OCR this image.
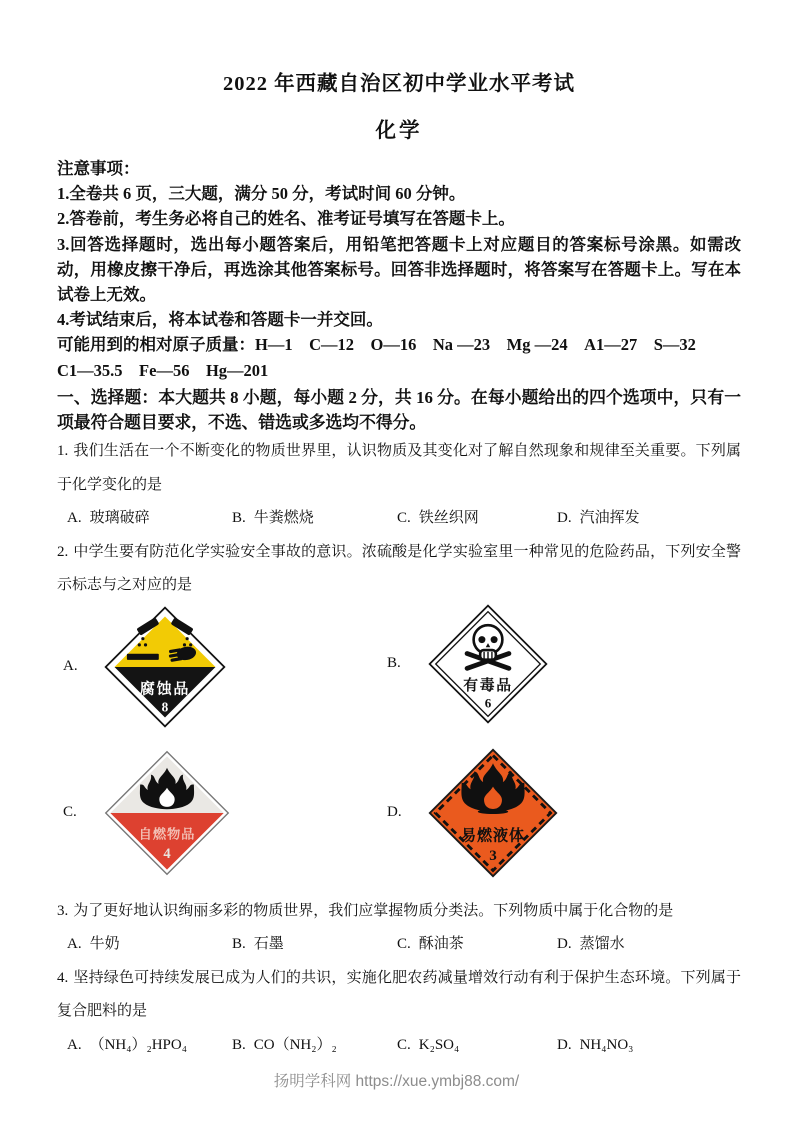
2022 年西藏自治区初中学业水平考试
化学

注意事项：

1.全卷共 6 页，三大题，满分 50 分，考试时间 60 分钟。

2.答卷前，考生务必将自己的姓名、准考证号填写在答题卡上。

3.回答选择题时，选出每小题答案后，用铅笔把答题卡上对应题目的答案标号涂黑。如需改动，用橡皮擦干净后，再选涂其他答案标号。回答非选择题时，将答案写在答题卡上。写在本试卷上无效。

4.考试结束后，将本试卷和答题卡一并交回。

可能用到的相对原子质量：H—1　C—12　O—16　Na —23　Mg —24　A1—27　S—32

C1—35.5　Fe—56　Hg—201

一、选择题：本大题共 8 小题，每小题 2 分，共 16 分。在每小题给出的四个选项中，只有一项最符合题目要求，不选、错选或多选均不得分。

1. 我们生活在一个不断变化的物质世界里，认识物质及其变化对了解自然现象和规律至关重要。下列属于化学变化的是

A. 玻璃破碎	B. 牛粪燃烧	C. 铁丝织网	D. 汽油挥发

2. 中学生要有防范化学实验安全事故的意识。浓硫酸是化学实验室里一种常见的危险药品，下列安全警示标志与之对应的是

A.
腐蚀品
8
B.
有毒品
6
C.
自燃物品
4
D.
易燃液体
3

3. 为了更好地认识绚丽多彩的物质世界，我们应掌握物质分类法。下列物质中属于化合物的是

A. 牛奶	B. 石墨	C. 酥油茶	D. 蒸馏水

4. 坚持绿色可持续发展已成为人们的共识，实施化肥农药减量增效行动有利于保护生态环境。下列属于复合肥料的是

A. （NH₄）₂HPO₄	B. CO（NH₂）₂	C. K₂SO₄	D. NH₄NO₃
扬明学科网 https://xue.ymbj88.com/
